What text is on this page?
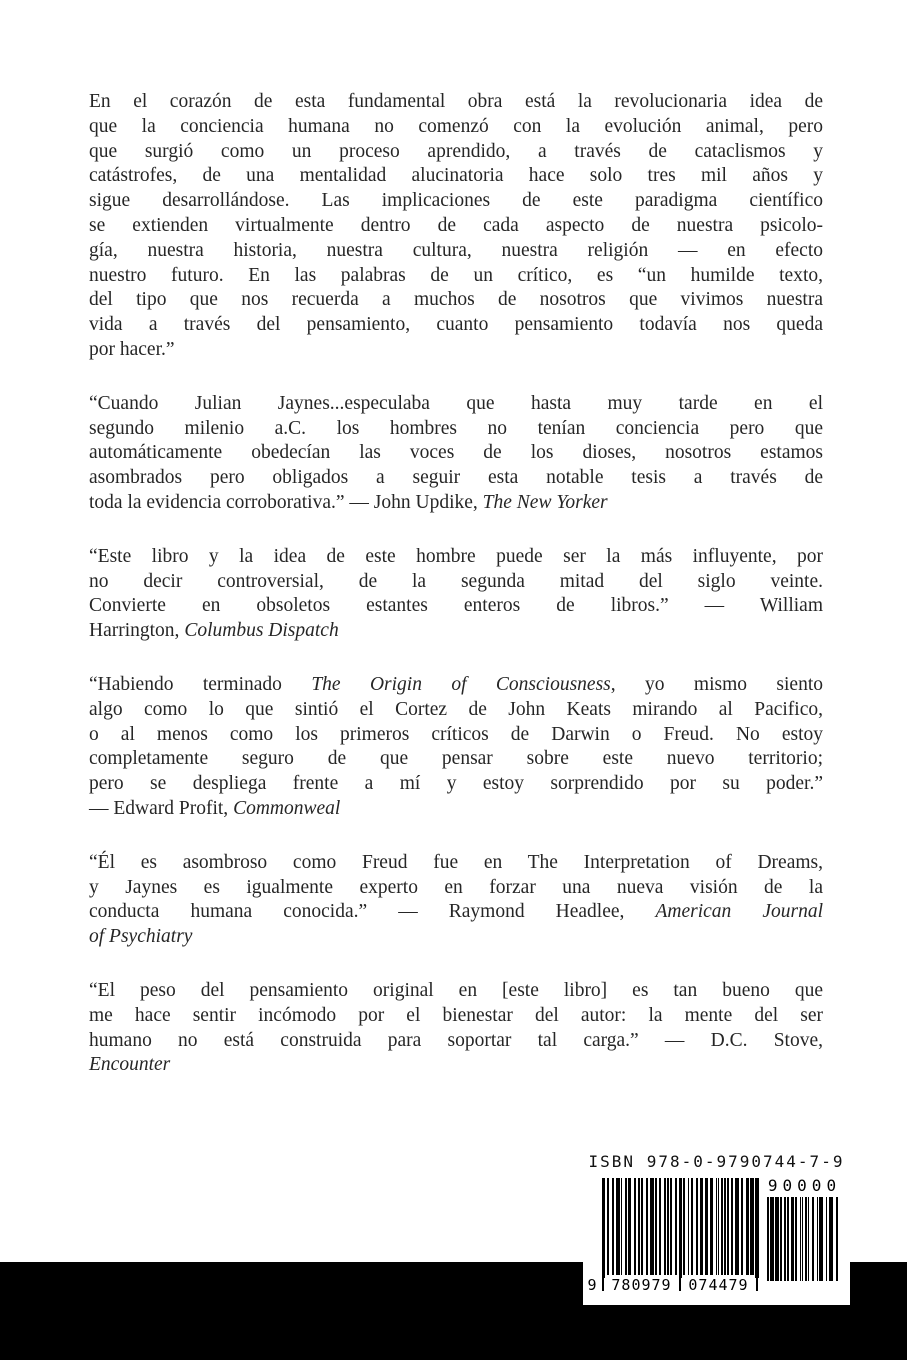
En el corazón de esta fundamental obra está la revolucionaria idea de
que la conciencia humana no comenzó con la evolución animal, pero
que surgió como un proceso aprendido, a través de cataclismos y
catástrofes, de una mentalidad alucinatoria hace solo tres mil años y
sigue desarrollándose. Las implicaciones de este paradigma científico
se extienden virtualmente dentro de cada aspecto de nuestra psicolo-
gía, nuestra historia, nuestra cultura, nuestra religión — en efecto
nuestro futuro. En las palabras de un crítico, es “un humilde texto,
del tipo que nos recuerda a muchos de nosotros que vivimos nuestra
vida a través del pensamiento, cuanto pensamiento todavía nos queda
por hacer.”
“Cuando Julian Jaynes...especulaba que hasta muy tarde en el
segundo milenio a.C. los hombres no tenían conciencia pero que
automáticamente obedecían las voces de los dioses, nosotros estamos
asombrados pero obligados a seguir esta notable tesis a través de
toda la evidencia corroborativa.” — John Updike, The New Yorker
“Este libro y la idea de este hombre puede ser la más influyente, por
no decir controversial, de la segunda mitad del siglo veinte.
Convierte en obsoletos estantes enteros de libros.” — William
Harrington, Columbus Dispatch
“Habiendo terminado The Origin of Consciousness, yo mismo siento
algo como lo que sintió el Cortez de John Keats mirando al Pacifico,
o al menos como los primeros críticos de Darwin o Freud. No estoy
completamente seguro de que pensar sobre este nuevo territorio;
pero se despliega frente a mí y estoy sorprendido por su poder.”
— Edward Profit, Commonweal
“Él es asombroso como Freud fue en The Interpretation of Dreams,
y Jaynes es igualmente experto en forzar una nueva visión de la
conducta humana conocida.” — Raymond Headlee, American Journal
of Psychiatry
“El peso del pensamiento original en [este libro] es tan bueno que
me hace sentir incómodo por el bienestar del autor: la mente del ser
humano no está construida para soportar tal carga.” — D.C. Stove,
Encounter
ISBN 978-0-9790744-7-9
90000
9 780979	074479
